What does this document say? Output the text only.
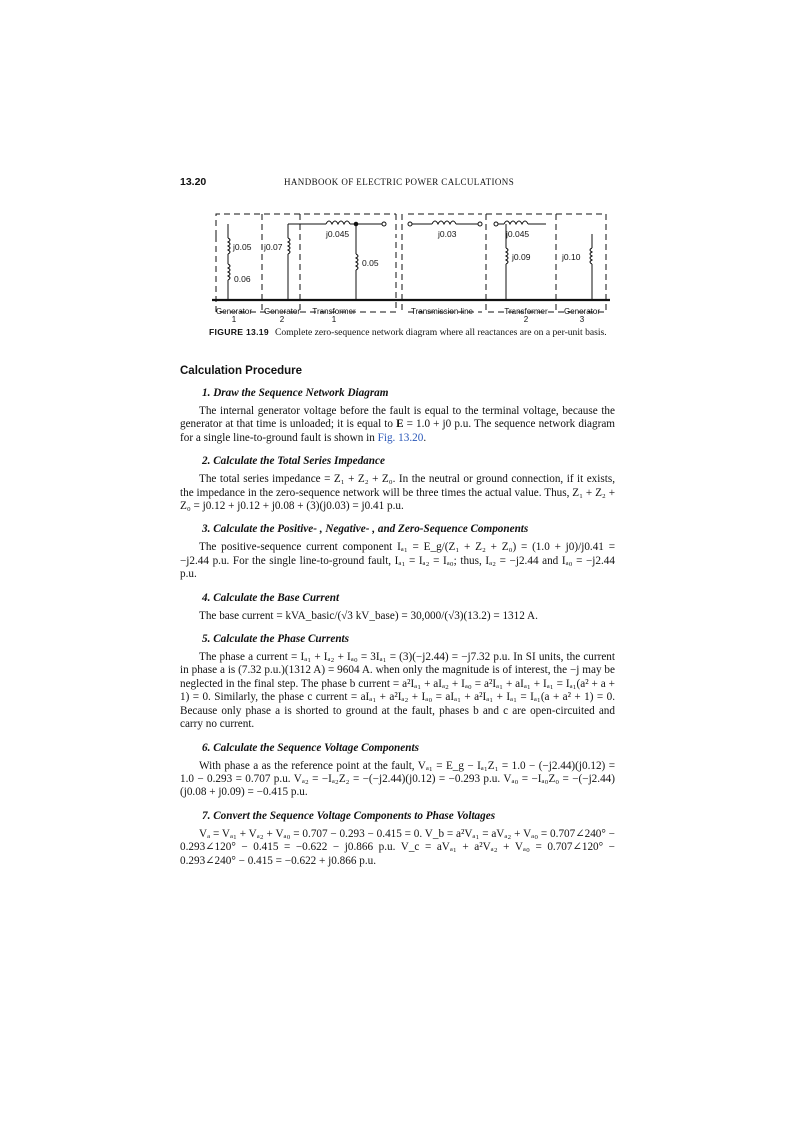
13.20	HANDBOOK OF ELECTRIC POWER CALCULATIONS
j0.05
0.06
j0.07
j0.045
0.05
j0.03	j0.045
j0.09	j0.10
Generator
1
Generator
2
Transformer
1
Transmission line	Transformer
2
Generator
3
FIGURE 13.19 Complete zero-sequence network diagram where all reactances are on a per-unit basis.
Calculation Procedure
1. Draw the Sequence Network Diagram

The internal generator voltage before the fault is equal to the terminal voltage, because the generator at that time is unloaded; it is equal to E = 1.0 + j0 p.u. The sequence network diagram for a single line-to-ground fault is shown in Fig. 13.20.

2. Calculate the Total Series Impedance

The total series impedance = Z₁ + Z₂ + Z₀. In the neutral or ground connection, if it exists, the impedance in the zero-sequence network will be three times the actual value. Thus, Z₁ + Z₂ + Z₀ = j0.12 + j0.12 + j0.08 + (3)(j0.03) = j0.41 p.u.

3. Calculate the Positive- , Negative- , and Zero-Sequence Components

The positive-sequence current component Iₐ₁ = E_g/(Z₁ + Z₂ + Z₀) = (1.0 + j0)/j0.41 = −j2.44 p.u. For the single line-to-ground fault, Iₐ₁ = Iₐ₂ = Iₐ₀; thus, Iₐ₂ = −j2.44 and Iₐ₀ = −j2.44 p.u.

4. Calculate the Base Current

The base current = kVA_basic/(√3 kV_base) = 30,000/(√3)(13.2) = 1312 A.

5. Calculate the Phase Currents

The phase a current = Iₐ₁ + Iₐ₂ + Iₐ₀ = 3Iₐ₁ = (3)(−j2.44) = −j7.32 p.u. In SI units, the current in phase a is (7.32 p.u.)(1312 A) = 9604 A. when only the magnitude is of interest, the −j may be neglected in the final step. The phase b current = a²Iₐ₁ + aIₐ₂ + Iₐ₀ = a²Iₐ₁ + aIₐ₁ + Iₐ₁ = Iₐ₁(a² + a + 1) = 0. Similarly, the phase c current = aIₐ₁ + a²Iₐ₂ + Iₐ₀ = aIₐ₁ + a²Iₐ₁ + Iₐ₁ = Iₐ₁(a + a² + 1) = 0. Because only phase a is shorted to ground at the fault, phases b and c are open-circuited and carry no current.

6. Calculate the Sequence Voltage Components

With phase a as the reference point at the fault, Vₐ₁ = E_g − Iₐ₁Z₁ = 1.0 − (−j2.44)(j0.12) = 1.0 − 0.293 = 0.707 p.u. Vₐ₂ = −Iₐ₂Z₂ = −(−j2.44)(j0.12) = −0.293 p.u. Vₐ₀ = −Iₐ₀Z₀ = −(−j2.44)(j0.08 + j0.09) = −0.415 p.u.

7. Convert the Sequence Voltage Components to Phase Voltages

Vₐ = Vₐ₁ + Vₐ₂ + Vₐ₀ = 0.707 − 0.293 − 0.415 = 0. V_b = a²Vₐ₁ = aVₐ₂ + Vₐ₀ = 0.707∠240° − 0.293∠120° − 0.415 = −0.622 − j0.866 p.u. V_c = aVₐ₁ + a²Vₐ₂ + Vₐ₀ = 0.707∠120° − 0.293∠240° − 0.415 = −0.622 + j0.866 p.u.
